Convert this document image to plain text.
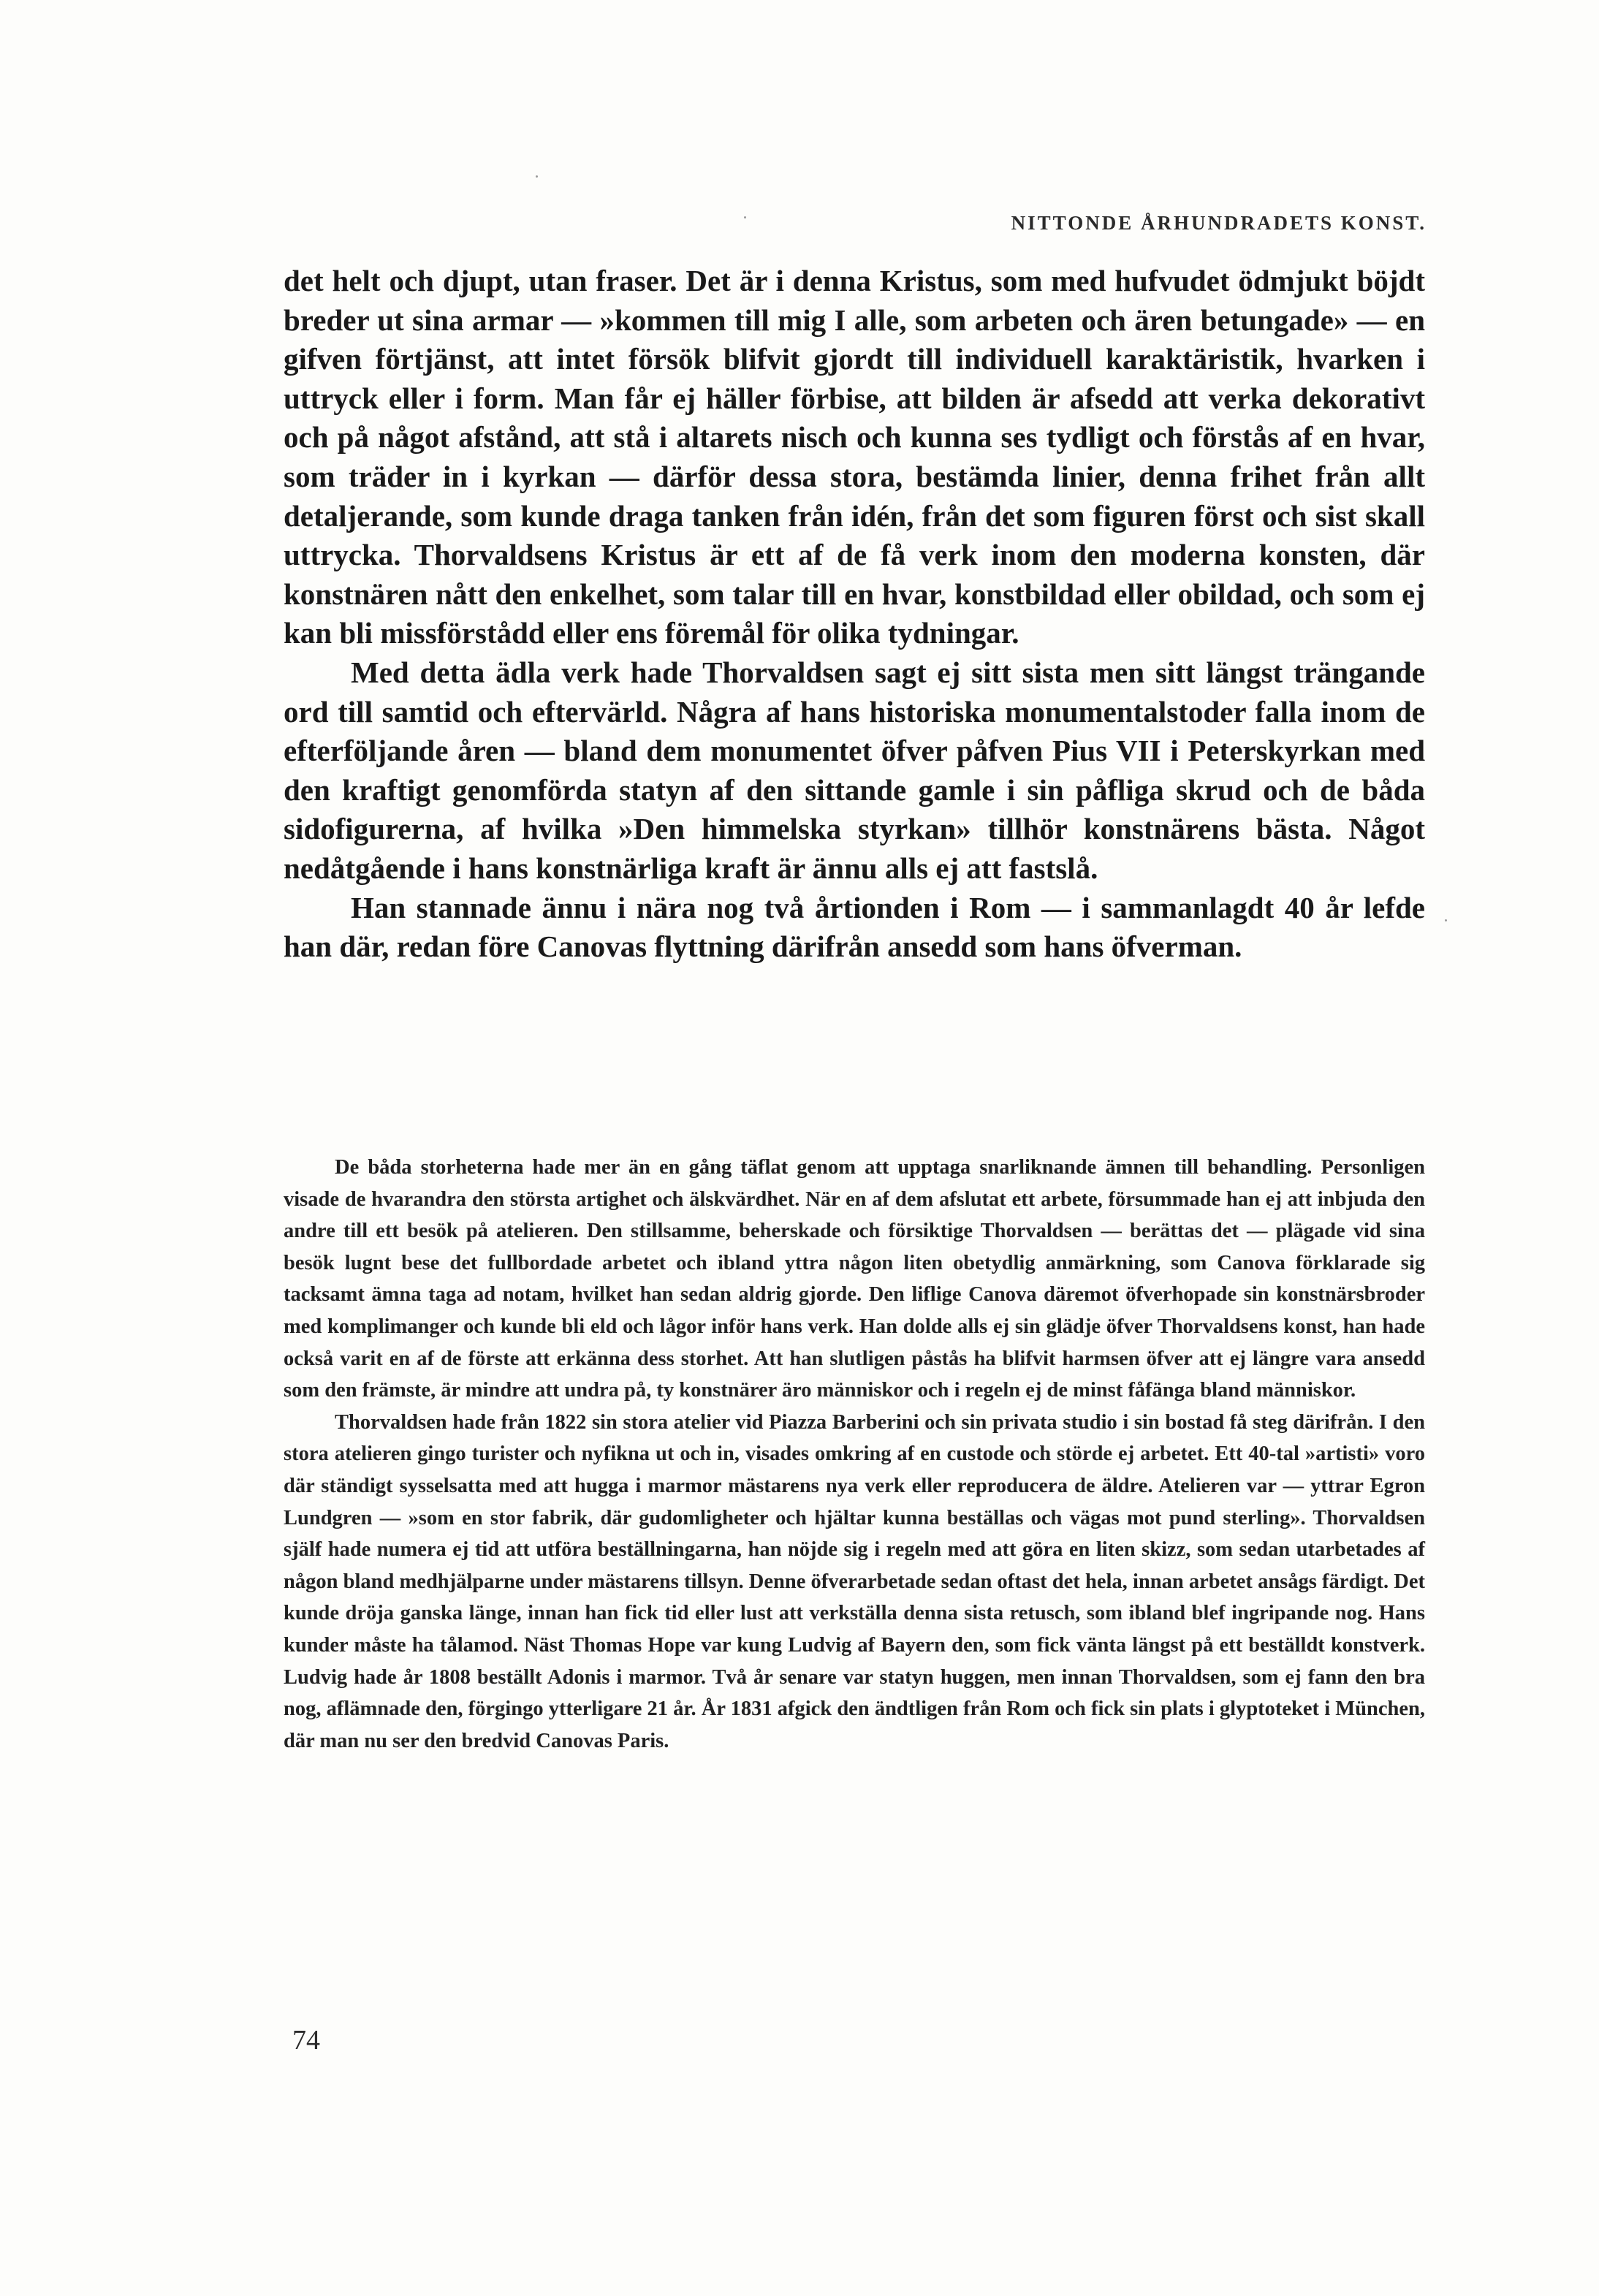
NITTONDE ÅRHUNDRADETS KONST.

det helt och djupt, utan fraser. Det är i denna Kristus, som med hufvudet ödmjukt böjdt breder ut sina armar — »kommen till mig I alle, som arbeten och ären betungade» — en gifven förtjänst, att intet försök blifvit gjordt till individuell karaktäristik, hvarken i uttryck eller i form. Man får ej häller förbise, att bilden är afsedd att verka dekorativt och på något afstånd, att stå i altarets nisch och kunna ses tydligt och förstås af en hvar, som träder in i kyrkan — därför dessa stora, bestämda linier, denna frihet från allt detaljerande, som kunde draga tanken från idén, från det som figuren först och sist skall uttrycka. Thorvaldsens Kristus är ett af de få verk inom den moderna konsten, där konstnären nått den enkelhet, som talar till en hvar, konstbildad eller obildad, och som ej kan bli missförstådd eller ens föremål för olika tydningar.

Med detta ädla verk hade Thorvaldsen sagt ej sitt sista men sitt längst trängande ord till samtid och eftervärld. Några af hans historiska monumentalstoder falla inom de efterföljande åren — bland dem monumentet öfver påfven Pius VII i Peterskyrkan med den kraftigt genomförda statyn af den sittande gamle i sin påfliga skrud och de båda sidofigurerna, af hvilka »Den himmelska styrkan» tillhör konstnärens bästa. Något nedåtgående i hans konstnärliga kraft är ännu alls ej att fastslå.

Han stannade ännu i nära nog två årtionden i Rom — i sammanlagdt 40 år lefde han där, redan före Canovas flyttning därifrån ansedd som hans öfverman.

De båda storheterna hade mer än en gång täflat genom att upptaga snarliknande ämnen till behandling. Personligen visade de hvarandra den största artighet och älskvärdhet. När en af dem afslutat ett arbete, försummade han ej att inbjuda den andre till ett besök på atelieren. Den stillsamme, beherskade och försiktige Thorvaldsen — berättas det — plägade vid sina besök lugnt bese det fullbordade arbetet och ibland yttra någon liten obetydlig anmärkning, som Canova förklarade sig tacksamt ämna taga ad notam, hvilket han sedan aldrig gjorde. Den liflige Canova däremot öfverhopade sin konstnärsbroder med komplimanger och kunde bli eld och lågor inför hans verk. Han dolde alls ej sin glädje öfver Thorvaldsens konst, han hade också varit en af de förste att erkänna dess storhet. Att han slutligen påstås ha blifvit harmsen öfver att ej längre vara ansedd som den främste, är mindre att undra på, ty konstnärer äro människor och i regeln ej de minst fåfänga bland människor.

Thorvaldsen hade från 1822 sin stora atelier vid Piazza Barberini och sin privata studio i sin bostad få steg därifrån. I den stora atelieren gingo turister och nyfikna ut och in, visades omkring af en custode och störde ej arbetet. Ett 40-tal »artisti» voro där ständigt sysselsatta med att hugga i marmor mästarens nya verk eller reproducera de äldre. Atelieren var — yttrar Egron Lundgren — »som en stor fabrik, där gudomligheter och hjältar kunna beställas och vägas mot pund sterling». Thorvaldsen själf hade numera ej tid att utföra beställningarna, han nöjde sig i regeln med att göra en liten skizz, som sedan utarbetades af någon bland medhjälparne under mästarens tillsyn. Denne öfverarbetade sedan oftast det hela, innan arbetet ansågs färdigt. Det kunde dröja ganska länge, innan han fick tid eller lust att verkställa denna sista retusch, som ibland blef ingripande nog. Hans kunder måste ha tålamod. Näst Thomas Hope var kung Ludvig af Bayern den, som fick vänta längst på ett beställdt konstverk. Ludvig hade år 1808 beställt Adonis i marmor. Två år senare var statyn huggen, men innan Thorvaldsen, som ej fann den bra nog, aflämnade den, förgingo ytterligare 21 år. År 1831 afgick den ändtligen från Rom och fick sin plats i glyptoteket i München, där man nu ser den bredvid Canovas Paris.

74
